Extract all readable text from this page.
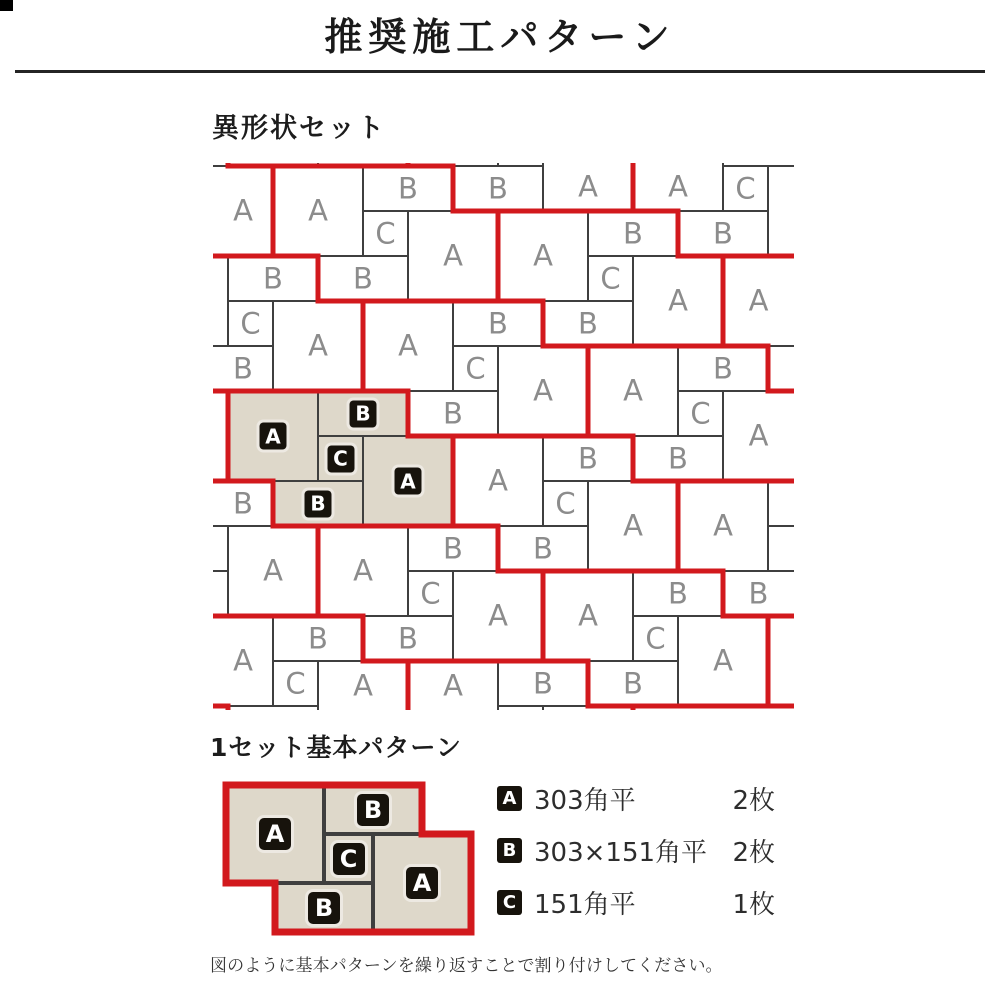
推奨施工パターン
異形状セット
B
A
A
B
C A
A
B
C
A
B
A
B
C
A
B
A
B
C
A
B
A B
A
B
C
A
B
A
B
C
A
B
A
B
C
A
B
A
B
C
A
B
A
B
A
B
C
A
B
A
B
C
A
B
A
B
A C
B
A
1セット基本パターン
A
B
C
A
B
A 303角平	2枚
B 303×151角平 2枚
C 151角平	1枚

図のように基本パターンを繰り返すことで割り付けしてください。
